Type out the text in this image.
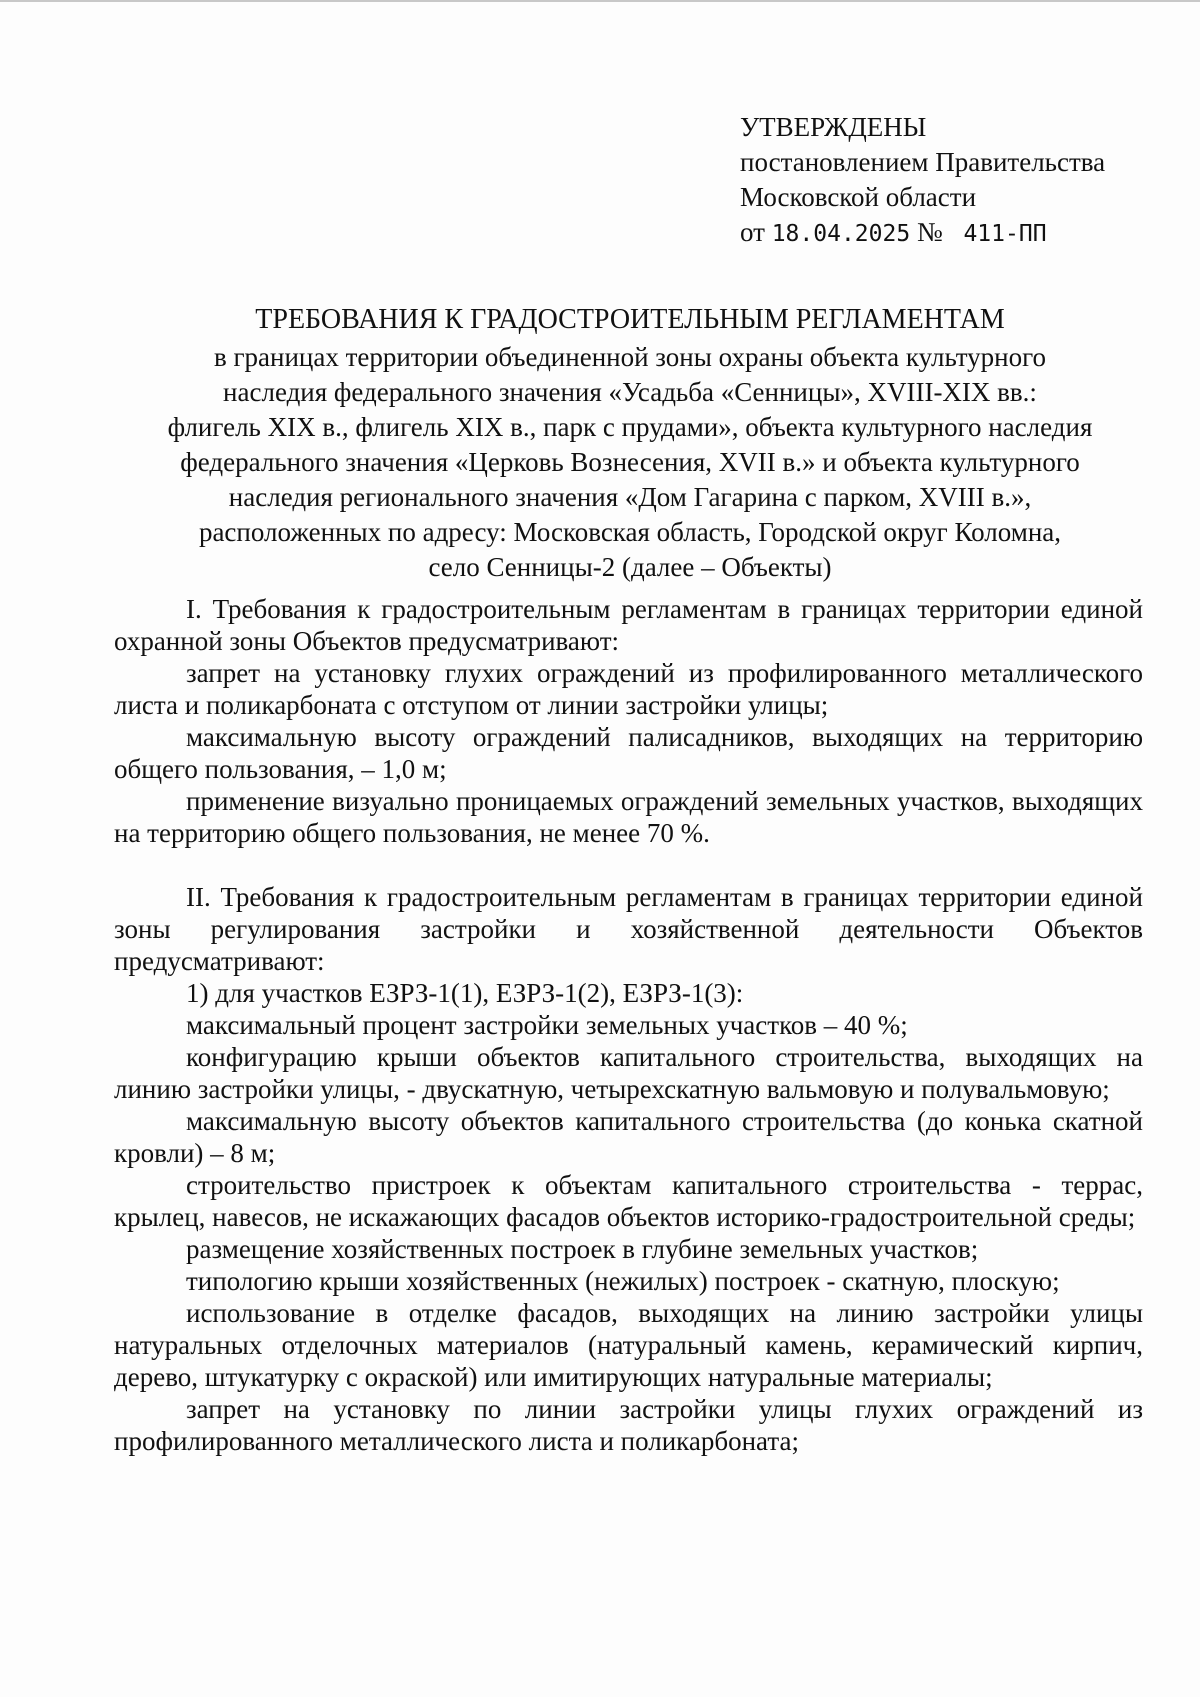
УТВЕРЖДЕНЫ
постановлением Правительства
Московской области
от 18.04.2025 № 411-ПП
ТРЕБОВАНИЯ К ГРАДОСТРОИТЕЛЬНЫМ РЕГЛАМЕНТАМ
в границах территории объединенной зоны охраны объекта культурного
наследия федерального значения «Усадьба «Сенницы», XVIII-XIX вв.:
флигель XIX в., флигель XIX в., парк с прудами», объекта культурного наследия
федерального значения «Церковь Вознесения, XVII в.» и объекта культурного
наследия регионального значения «Дом Гагарина с парком, XVIII в.»,
расположенных по адресу: Московская область, Городской округ Коломна,
село Сенницы-2 (далее – Объекты)

I. Требования к градостроительным регламентам в границах территории единой охранной зоны Объектов предусматривают:

запрет на установку глухих ограждений из профилированного металлического листа и поликарбоната с отступом от линии застройки улицы;

максимальную высоту ограждений палисадников, выходящих на территорию общего пользования, – 1,0 м;

применение визуально проницаемых ограждений земельных участков, выходящих на территорию общего пользования, не менее 70 %.

II. Требования к градостроительным регламентам в границах территории единой зоны регулирования застройки и хозяйственной деятельности Объектов предусматривают:

1) для участков ЕЗРЗ-1(1), ЕЗРЗ-1(2), ЕЗРЗ-1(3):

максимальный процент застройки земельных участков – 40 %;

конфигурацию крыши объектов капитального строительства, выходящих на линию застройки улицы, - двускатную, четырехскатную вальмовую и полувальмовую;

максимальную высоту объектов капитального строительства (до конька скатной кровли) – 8 м;

строительство пристроек к объектам капитального строительства - террас, крылец, навесов, не искажающих фасадов объектов историко-градостроительной среды;

размещение хозяйственных построек в глубине земельных участков;

типологию крыши хозяйственных (нежилых) построек - скатную, плоскую;

использование в отделке фасадов, выходящих на линию застройки улицы натуральных отделочных материалов (натуральный камень, керамический кирпич, дерево, штукатурку с окраской) или имитирующих натуральные материалы;

запрет на установку по линии застройки улицы глухих ограждений из профилированного металлического листа и поликарбоната;
